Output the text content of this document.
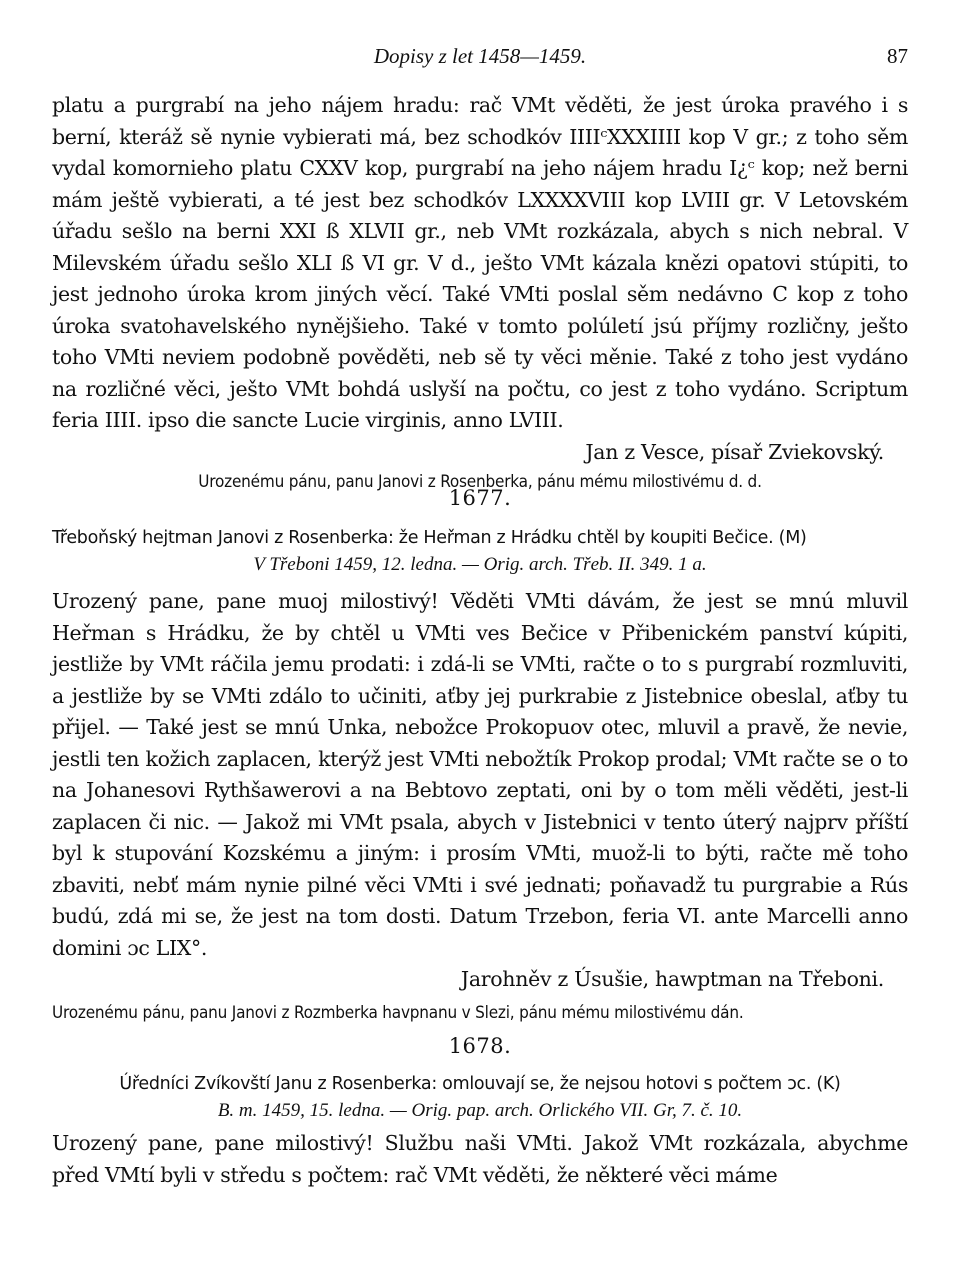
Dopisy z let 1458—1459.	87

platu a purgrabí na jeho nájem hradu: rač VMt věděti, že jest úroka pravého i s berní, kteráž sě nynie vybierati má, bez schodkóv IIIIᶜXXXIIII kop V gr.; z toho sěm vydal komornieho platu CXXV kop, purgrabí na jeho nájem hradu I¿ᶜ kop; než berni mám ještě vybierati, a té jest bez schodkóv LXXXXVIII kop LVIII gr. V Letovském úřadu sešlo na berni XXI ß XLVII gr., neb VMt rozkázala, abych s nich nebral. V Milevském úřadu sešlo XLI ß VI gr. V d., ješto VMt kázala knězi opatovi stúpiti, to jest jednoho úroka krom jiných věcí. Také VMti poslal sěm nedávno C kop z toho úroka svatohavelského nynějšieho. Také v tomto polúletí jsú příjmy rozličny, ješto toho VMti neviem podobně pověděti, neb sě ty věci měnie. Také z toho jest vydáno na rozličné věci, ješto VMt bohdá uslyší na počtu, co jest z toho vydáno. Scriptum feria IIII. ipso die sancte Lucie virginis, anno LVIII.

Jan z Vesce, písař Zviekovský.
Urozenému pánu, panu Janovi z Rosenberka, pánu mému milostivému d. d.
1677.
Třeboňský hejtman Janovi z Rosenberka: že Heřman z Hrádku chtěl by koupiti Bečice. (M)
V Třeboni 1459, 12. ledna. — Orig. arch. Třeb. II. 349. 1 a.

Urozený pane, pane muoj milostivý! Věděti VMti dávám, že jest se mnú mluvil Heřman s Hrádku, že by chtěl u VMti ves Bečice v Přibenickém panství kúpiti, jestliže by VMt ráčila jemu prodati: i zdá-li se VMti, račte o to s purgrabí rozmluviti, a jestliže by se VMti zdálo to učiniti, aťby jej purkrabie z Jistebnice obeslal, aťby tu přijel. — Také jest se mnú Unka, nebožce Prokopuov otec, mluvil a pravě, že nevie, jestli ten kožich zaplacen, kterýž jest VMti nebožtík Prokop prodal; VMt račte se o to na Johanesovi Rythšawerovi a na Bebtovo zeptati, oni by o tom měli věděti, jest-li zaplacen či nic. — Jakož mi VMt psala, abych v Jistebnici v tento úterý najprv příští byl k stupování Kozskému a jiným: i prosím VMti, muož-li to býti, račte mě toho zbaviti, nebť mám nynie pilné věci VMti i své jednati; poňavadž tu purgrabie a Rús budú, zdá mi se, že jest na tom dosti. Datum Trzebon, feria VI. ante Marcelli anno domini ɔc LIX°.

Jarohněv z Úsušie, hawptman na Třeboni.
Urozenému pánu, panu Janovi z Rozmberka havpnanu v Slezi, pánu mému milostivému dán.
1678.
Úředníci Zvíkovští Janu z Rosenberka: omlouvají se, že nejsou hotovi s počtem ɔc. (K)
B. m. 1459, 15. ledna. — Orig. pap. arch. Orlického VII. Gr, 7. č. 10.

Urozený pane, pane milostivý! Službu naši VMti. Jakož VMt rozkázala, abychme před VMtí byli v středu s počtem: rač VMt věděti, že některé věci máme
